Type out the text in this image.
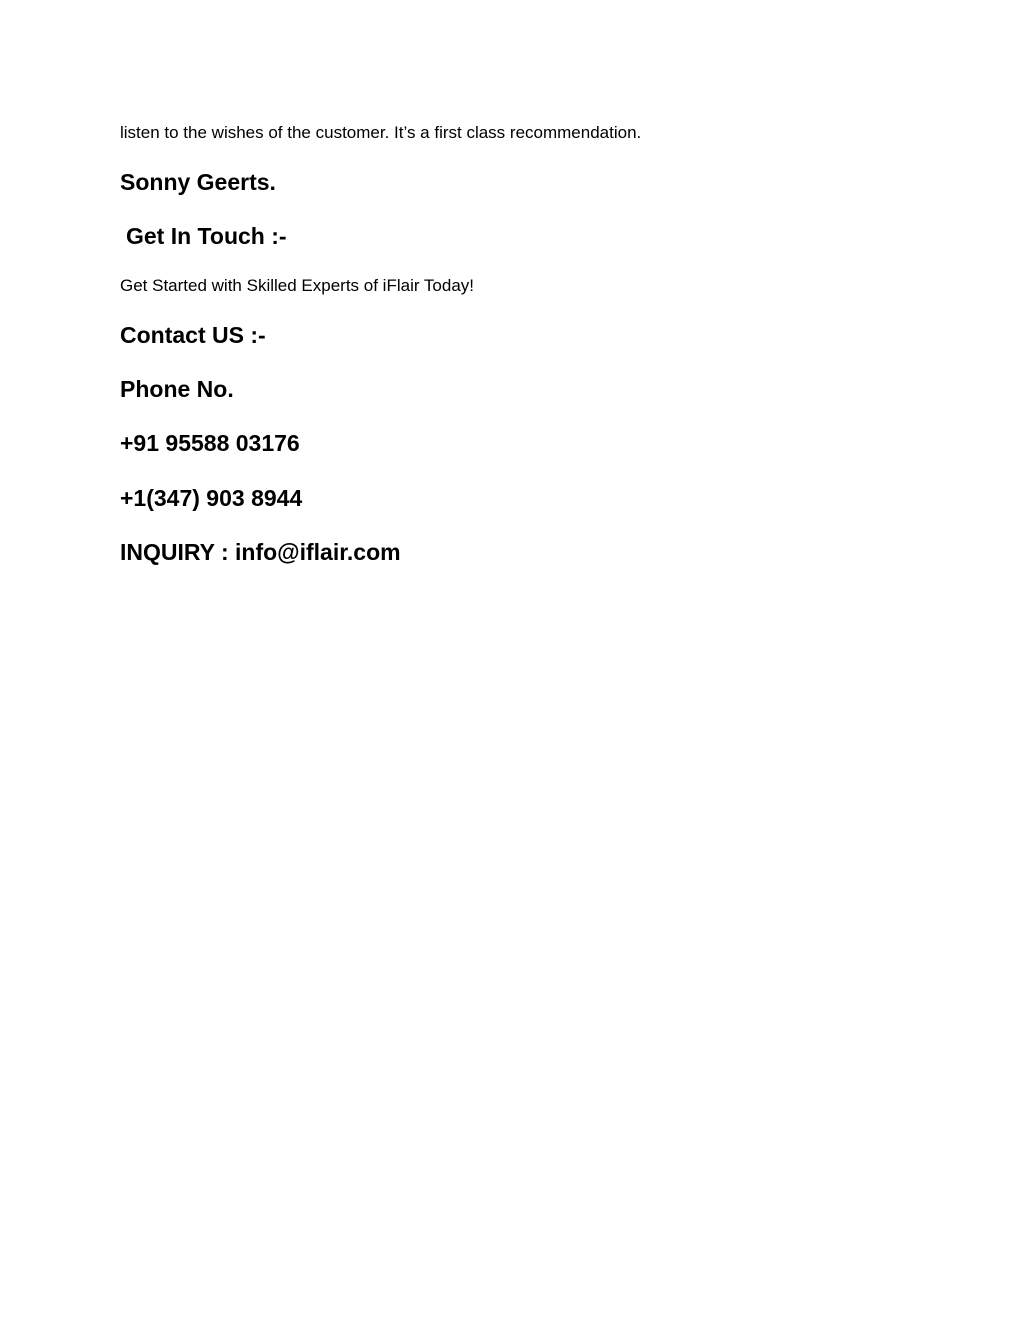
listen to the wishes of the customer. It’s a first class recommendation.

Sonny Geerts.

Get In Touch :-

Get Started with Skilled Experts of iFlair Today!

Contact US :-

Phone No.

+91 95588 03176

+1(347) 903 8944

INQUIRY : info@iflair.com
